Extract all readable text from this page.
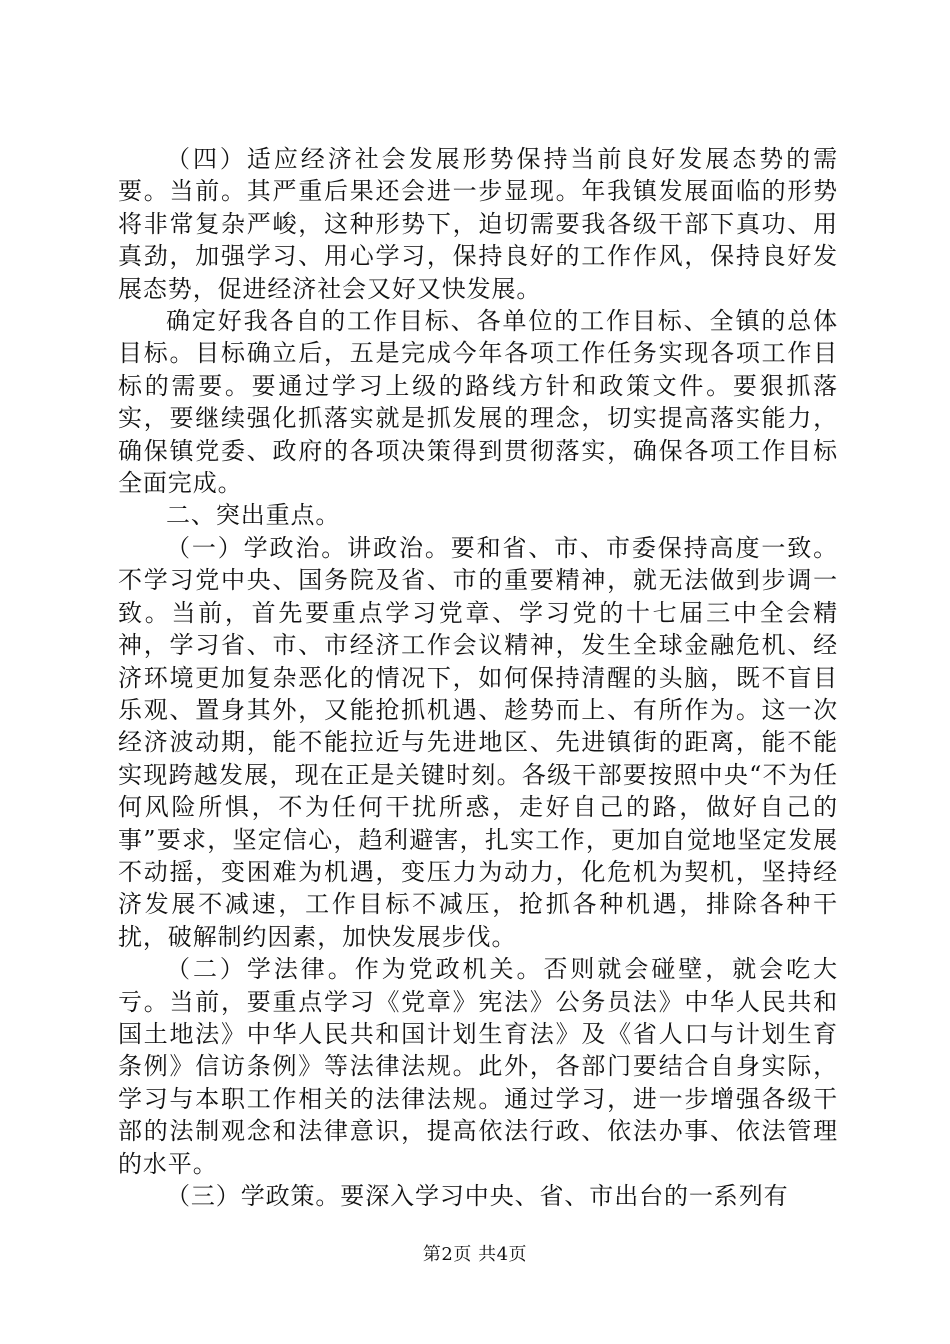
（四）适应经济社会发展形势保持当前良好发展态势的需要。当前。其严重后果还会进一步显现。年我镇发展面临的形势将非常复杂严峻，这种形势下，迫切需要我各级干部下真功、用真劲，加强学习、用心学习，保持良好的工作作风，保持良好发展态势，促进经济社会又好又快发展。

确定好我各自的工作目标、各单位的工作目标、全镇的总体目标。目标确立后，五是完成今年各项工作任务实现各项工作目标的需要。要通过学习上级的路线方针和政策文件。要狠抓落实，要继续强化抓落实就是抓发展的理念，切实提高落实能力，确保镇党委、政府的各项决策得到贯彻落实，确保各项工作目标全面完成。

二、突出重点。

（一）学政治。讲政治。要和省、市、市委保持高度一致。不学习党中央、国务院及省、市的重要精神，就无法做到步调一致。当前，首先要重点学习党章、学习党的十七届三中全会精神，学习省、市、市经济工作会议精神，发生全球金融危机、经济环境更加复杂恶化的情况下，如何保持清醒的头脑，既不盲目乐观、置身其外，又能抢抓机遇、趁势而上、有所作为。这一次经济波动期，能不能拉近与先进地区、先进镇街的距离，能不能实现跨越发展，现在正是关键时刻。各级干部要按照中央“不为任何风险所惧，不为任何干扰所惑，走好自己的路，做好自己的事”要求，坚定信心，趋利避害，扎实工作，更加自觉地坚定发展不动摇，变困难为机遇，变压力为动力，化危机为契机，坚持经济发展不减速，工作目标不减压，抢抓各种机遇，排除各种干扰，破解制约因素，加快发展步伐。

（二）学法律。作为党政机关。否则就会碰壁，就会吃大亏。当前，要重点学习《党章》宪法》公务员法》中华人民共和国土地法》中华人民共和国计划生育法》及《省人口与计划生育条例》信访条例》等法律法规。此外，各部门要结合自身实际，学习与本职工作相关的法律法规。通过学习，进一步增强各级干部的法制观念和法律意识，提高依法行政、依法办事、依法管理的水平。

（三）学政策。要深入学习中央、省、市出台的一系列有

第2页 共4页
